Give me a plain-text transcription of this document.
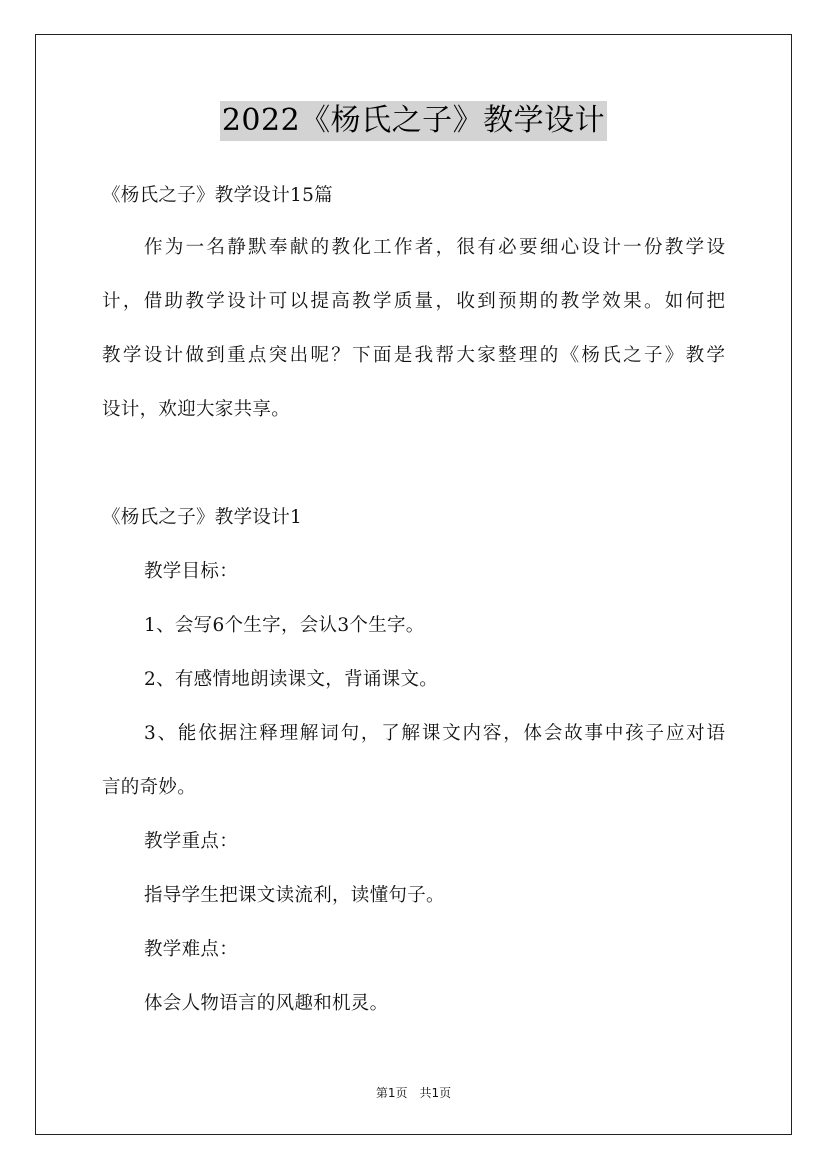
2022《杨氏之子》教学设计
《杨氏之子》教学设计15篇
作为一名静默奉献的教化工作者，很有必要细心设计一份教学设
计，借助教学设计可以提高教学质量，收到预期的教学效果。如何把
教学设计做到重点突出呢？下面是我帮大家整理的《杨氏之子》教学
设计，欢迎大家共享。
《杨氏之子》教学设计1
教学目标：
1、会写6个生字，会认3个生字。
2、有感情地朗读课文，背诵课文。
3、能依据注释理解词句，了解课文内容，体会故事中孩子应对语
言的奇妙。
教学重点：
指导学生把课文读流利，读懂句子。
教学难点：
体会人物语言的风趣和机灵。
第1页　共1页
